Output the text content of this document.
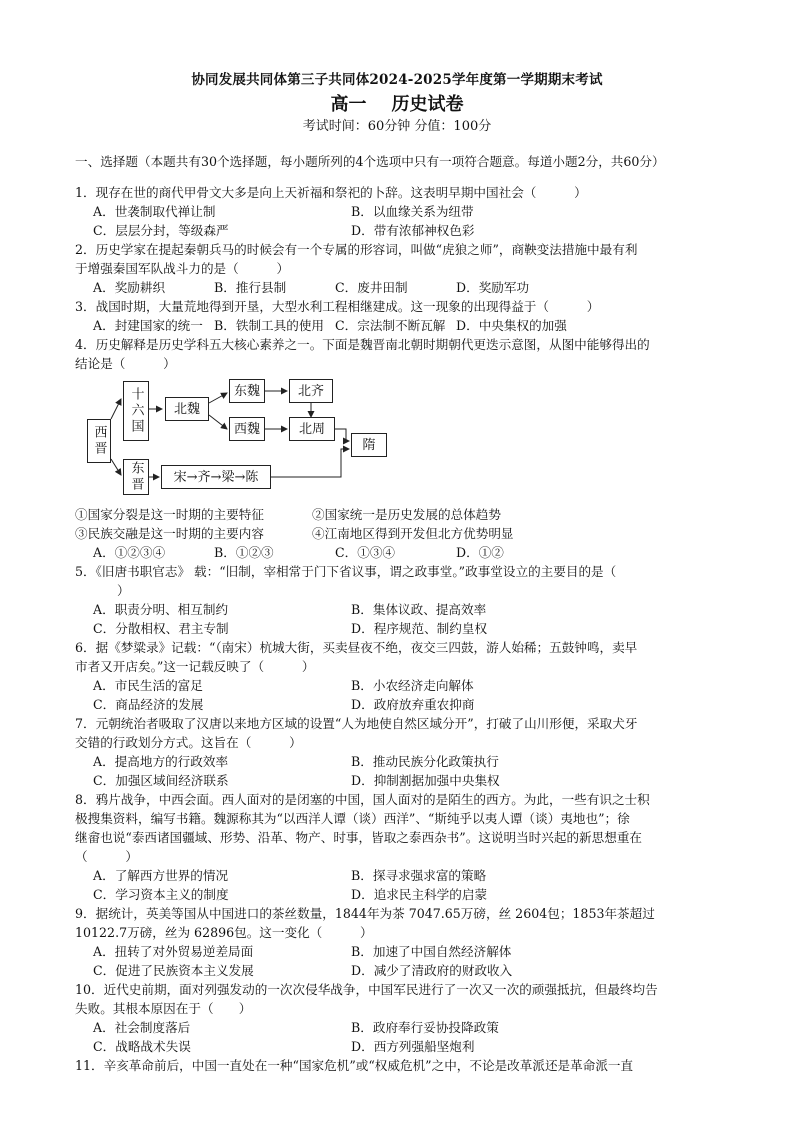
协同发展共同体第三子共同体2024-2025学年度第一学期期末考试
高一    历史试卷
考试时间：60分钟 分值：100分
一、选择题（本题共有30个选择题，每小题所列的4个选项中只有一项符合题意。每道小题2分，共60分）
1．现存在世的商代甲骨文大多是向上天祈福和祭祀的卜辞。这表明早期中国社会（　　　）
A．世袭制取代禅让制	B．以血缘关系为纽带
C．层层分封，等级森严	D．带有浓郁神权色彩
2．历史学家在提起秦朝兵马的时候会有一个专属的形容词，叫做“虎狼之师”，商鞅变法措施中最有利
于增强秦国军队战斗力的是（　　　）
A．奖励耕织	B．推行县制	C．废井田制	D．奖励军功
3．战国时期，大量荒地得到开垦，大型水利工程相继建成。这一现象的出现得益于（　　　）
A．封建国家的统一 B．铁制工具的使用 C．宗法制不断瓦解 D．中央集权的加强
4．历史解释是历史学科五大核心素养之一。下面是魏晋南北朝时期朝代更迭示意图，从图中能够得出的
结论是（　　　）
西晋
十六国
东晋
北魏
东魏	北齐
西魏	北周
隋
宋→齐→梁→陈
①国家分裂是这一时期的主要特征	②国家统一是历史发展的总体趋势
③民族交融是这一时期的主要内容	④江南地区得到开发但北方优势明显
A．①②③④	B．①②③	C．①③④	D．①②
5．《旧唐书职官志》 载：“旧制，宰相常于门下省议事，谓之政事堂。”政事堂设立的主要目的是（
）
A．职责分明、相互制约	B．集体议政、提高效率
C．分散相权、君主专制	D．程序规范、制约皇权
6．据《梦粱录》记载：“（南宋）杭城大街，买卖昼夜不绝，夜交三四鼓，游人始稀；五鼓钟鸣，卖早
市者又开店矣。”这一记载反映了（　　　）
A．市民生活的富足	B．小农经济走向解体
C．商品经济的发展	D．政府放弃重农抑商
7．元朝统治者吸取了汉唐以来地方区域的设置“人为地使自然区域分开”，打破了山川形便，采取犬牙
交错的行政划分方式。这旨在（　　　）
A．提高地方的行政效率	B．推动民族分化政策执行
C．加强区域间经济联系	D．抑制割据加强中央集权
8．鸦片战争，中西会面。西人面对的是闭塞的中国，国人面对的是陌生的西方。为此，一些有识之士积
极搜集资料，编写书籍。魏源称其为“以西洋人谭（谈）西洋”、“斯纯乎以夷人谭（谈）夷地也”；徐
继畲也说“泰西诸国疆域、形势、沿革、物产、时事，皆取之泰西杂书”。这说明当时兴起的新思想重在
（　　　）
A．了解西方世界的情况	B．探寻求强求富的策略
C．学习资本主义的制度	D．追求民主科学的启蒙
9．据统计，英美等国从中国进口的茶丝数量，1844年为茶 7047.65万磅，丝 2604包；1853年茶超过
10122.7万磅，丝为 62896包。这一变化（　　　）
A．扭转了对外贸易逆差局面	B．加速了中国自然经济解体
C．促进了民族资本主义发展	D．减少了清政府的财政收入
10．近代史前期，面对列强发动的一次次侵华战争，中国军民进行了一次又一次的顽强抵抗，但最终均告
失败。其根本原因在于（　　）
A．社会制度落后	B．政府奉行妥协投降政策
C．战略战术失误	D．西方列强船坚炮利
11．辛亥革命前后，中国一直处在一种“国家危机”或“权威危机”之中，不论是改革派还是革命派一直
